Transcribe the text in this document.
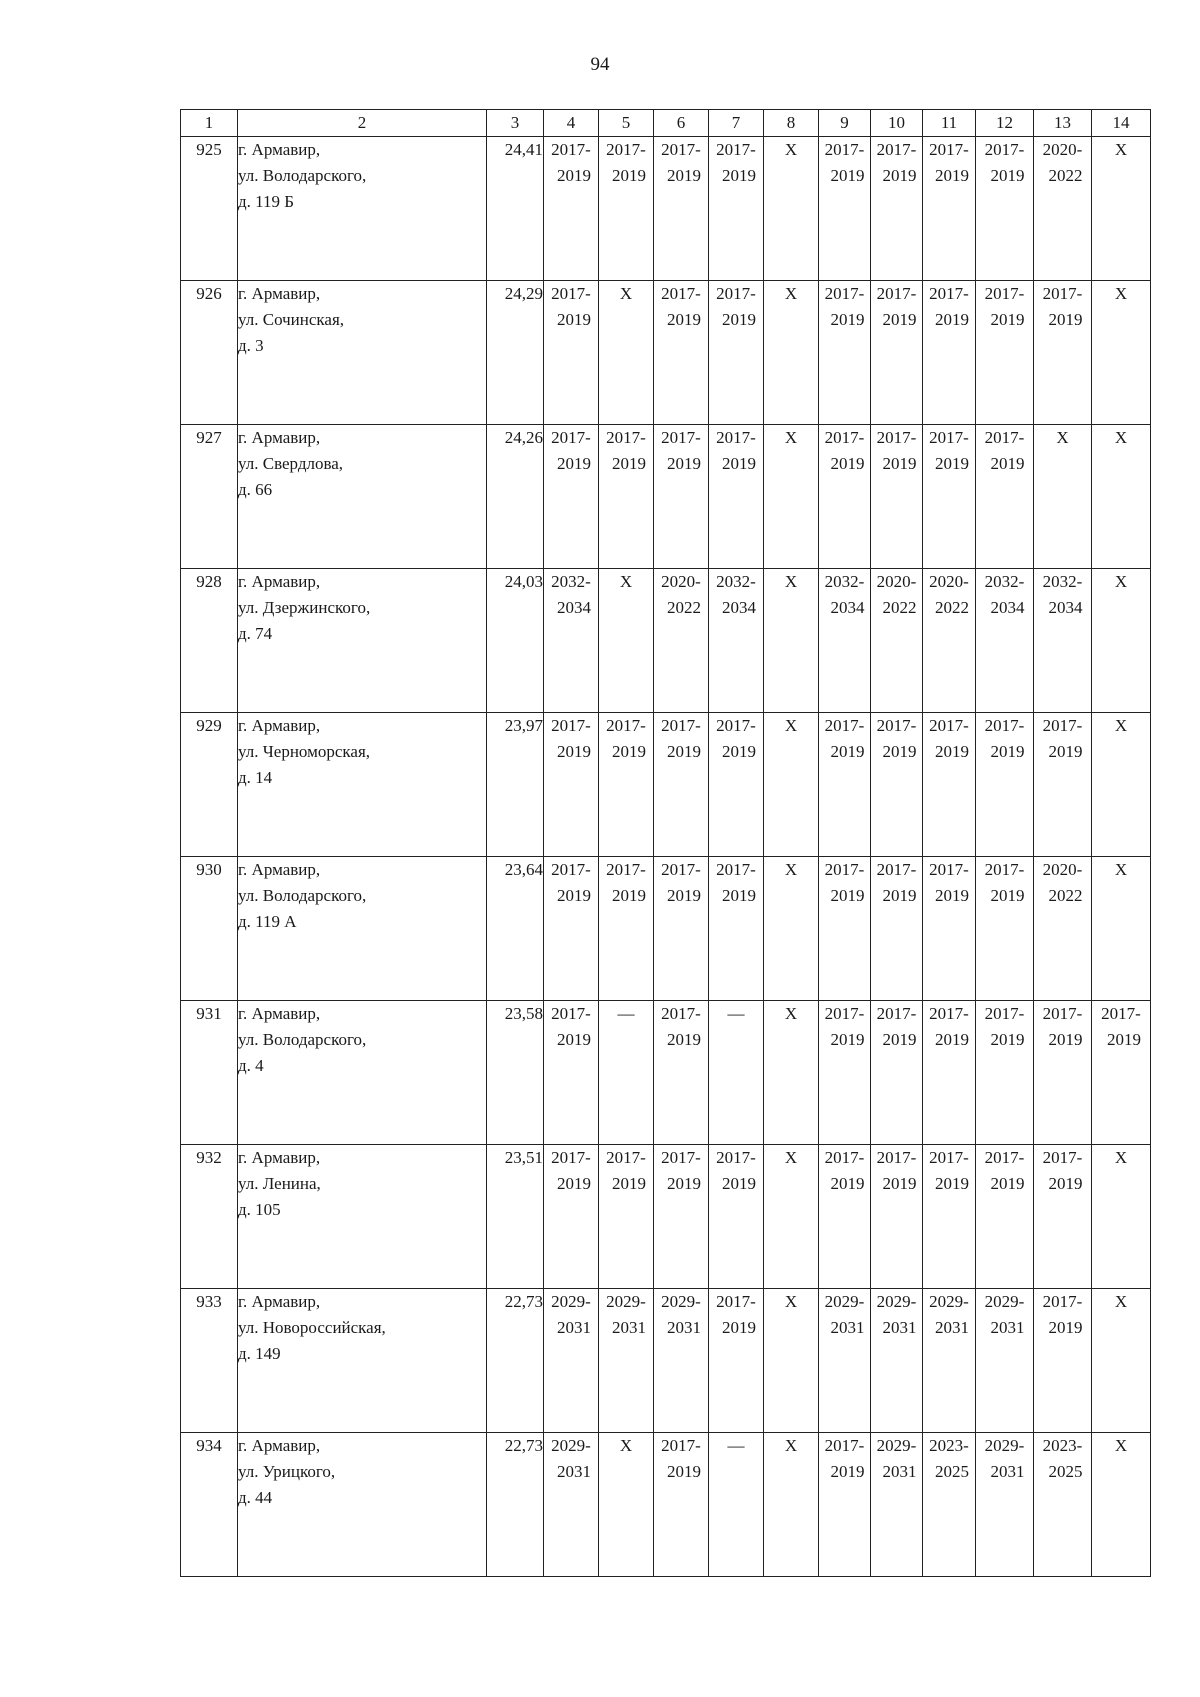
94
1	2	3	4	5	6	7	8	9	10	11	12	13	14
925	г. Армавир,
ул. Володарского,
д. 119 Б	24,41	2017-
2019	2017-
2019	2017-
2019	2017-
2019	Х	2017-
2019	2017-
2019	2017-
2019	2017-
2019	2020-
2022	Х

926	г. Армавир,
ул. Сочинская,
д. 3	24,29	2017-
2019	Х	2017-
2019	2017-
2019	Х	2017-
2019	2017-
2019	2017-
2019	2017-
2019	2017-
2019	Х

927	г. Армавир,
ул. Свердлова,
д. 66	24,26	2017-
2019	2017-
2019	2017-
2019	2017-
2019	Х	2017-
2019	2017-
2019	2017-
2019	2017-
2019	Х	Х

928	г. Армавир,
ул. Дзержинского,
д. 74	24,03	2032-
2034	Х	2020-
2022	2032-
2034	Х	2032-
2034	2020-
2022	2020-
2022	2032-
2034	2032-
2034	Х

929	г. Армавир,
ул. Черноморская,
д. 14	23,97	2017-
2019	2017-
2019	2017-
2019	2017-
2019	Х	2017-
2019	2017-
2019	2017-
2019	2017-
2019	2017-
2019	Х

930	г. Армавир,
ул. Володарского,
д. 119 А	23,64	2017-
2019	2017-
2019	2017-
2019	2017-
2019	Х	2017-
2019	2017-
2019	2017-
2019	2017-
2019	2020-
2022	Х

931	г. Армавир,
ул. Володарского,
д. 4	23,58	2017-
2019	—	2017-
2019	—	Х	2017-
2019	2017-
2019	2017-
2019	2017-
2019	2017-
2019	2017-
2019

932	г. Армавир,
ул. Ленина,
д. 105	23,51	2017-
2019	2017-
2019	2017-
2019	2017-
2019	Х	2017-
2019	2017-
2019	2017-
2019	2017-
2019	2017-
2019	Х

933	г. Армавир,
ул. Новороссийская,
д. 149	22,73	2029-
2031	2029-
2031	2029-
2031	2017-
2019	Х	2029-
2031	2029-
2031	2029-
2031	2029-
2031	2017-
2019	Х

934	г. Армавир,
ул. Урицкого,
д. 44	22,73	2029-
2031	Х	2017-
2019	—	Х	2017-
2019	2029-
2031	2023-
2025	2029-
2031	2023-
2025	Х
